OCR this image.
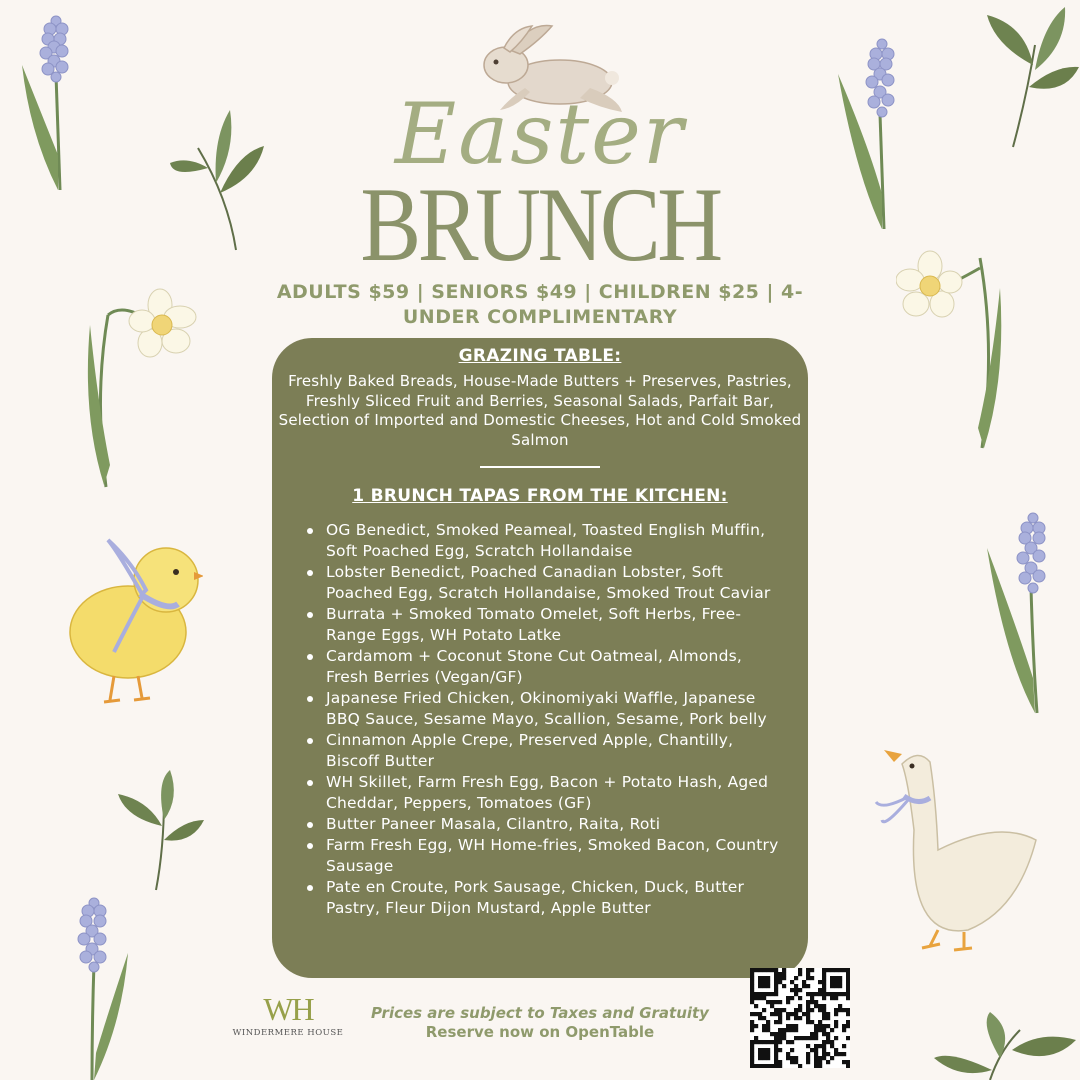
Easter
BRUNCH
ADULTS $59 | SENIORS $49 | CHILDREN $25 | 4-UNDER COMPLIMENTARY
GRAZING TABLE:
Freshly Baked Breads, House-Made Butters + Preserves, Pastries, Freshly Sliced Fruit and Berries, Seasonal Salads, Parfait Bar, Selection of Imported and Domestic Cheeses, Hot and Cold Smoked Salmon
1 BRUNCH TAPAS FROM THE KITCHEN:
OG Benedict, Smoked Peameal, Toasted English Muffin, Soft Poached Egg, Scratch Hollandaise
Lobster Benedict, Poached Canadian Lobster, Soft Poached Egg, Scratch Hollandaise, Smoked Trout Caviar
Burrata + Smoked Tomato Omelet, Soft Herbs, Free-Range Eggs, WH Potato Latke
Cardamom + Coconut Stone Cut Oatmeal, Almonds, Fresh Berries (Vegan/GF)
Japanese Fried Chicken, Okinomiyaki Waffle, Japanese BBQ Sauce, Sesame Mayo, Scallion, Sesame, Pork belly
Cinnamon Apple Crepe, Preserved Apple, Chantilly, Biscoff Butter
WH Skillet, Farm Fresh Egg, Bacon + Potato Hash, Aged Cheddar, Peppers, Tomatoes (GF)
Butter Paneer Masala, Cilantro, Raita, Roti
Farm Fresh Egg, WH Home-fries, Smoked Bacon, Country Sausage
Pate en Croute, Pork Sausage, Chicken, Duck, Butter Pastry, Fleur Dijon Mustard, Apple Butter
WH
WINDERMERE HOUSE
Prices are subject to Taxes and Gratuity
Reserve now on OpenTable
